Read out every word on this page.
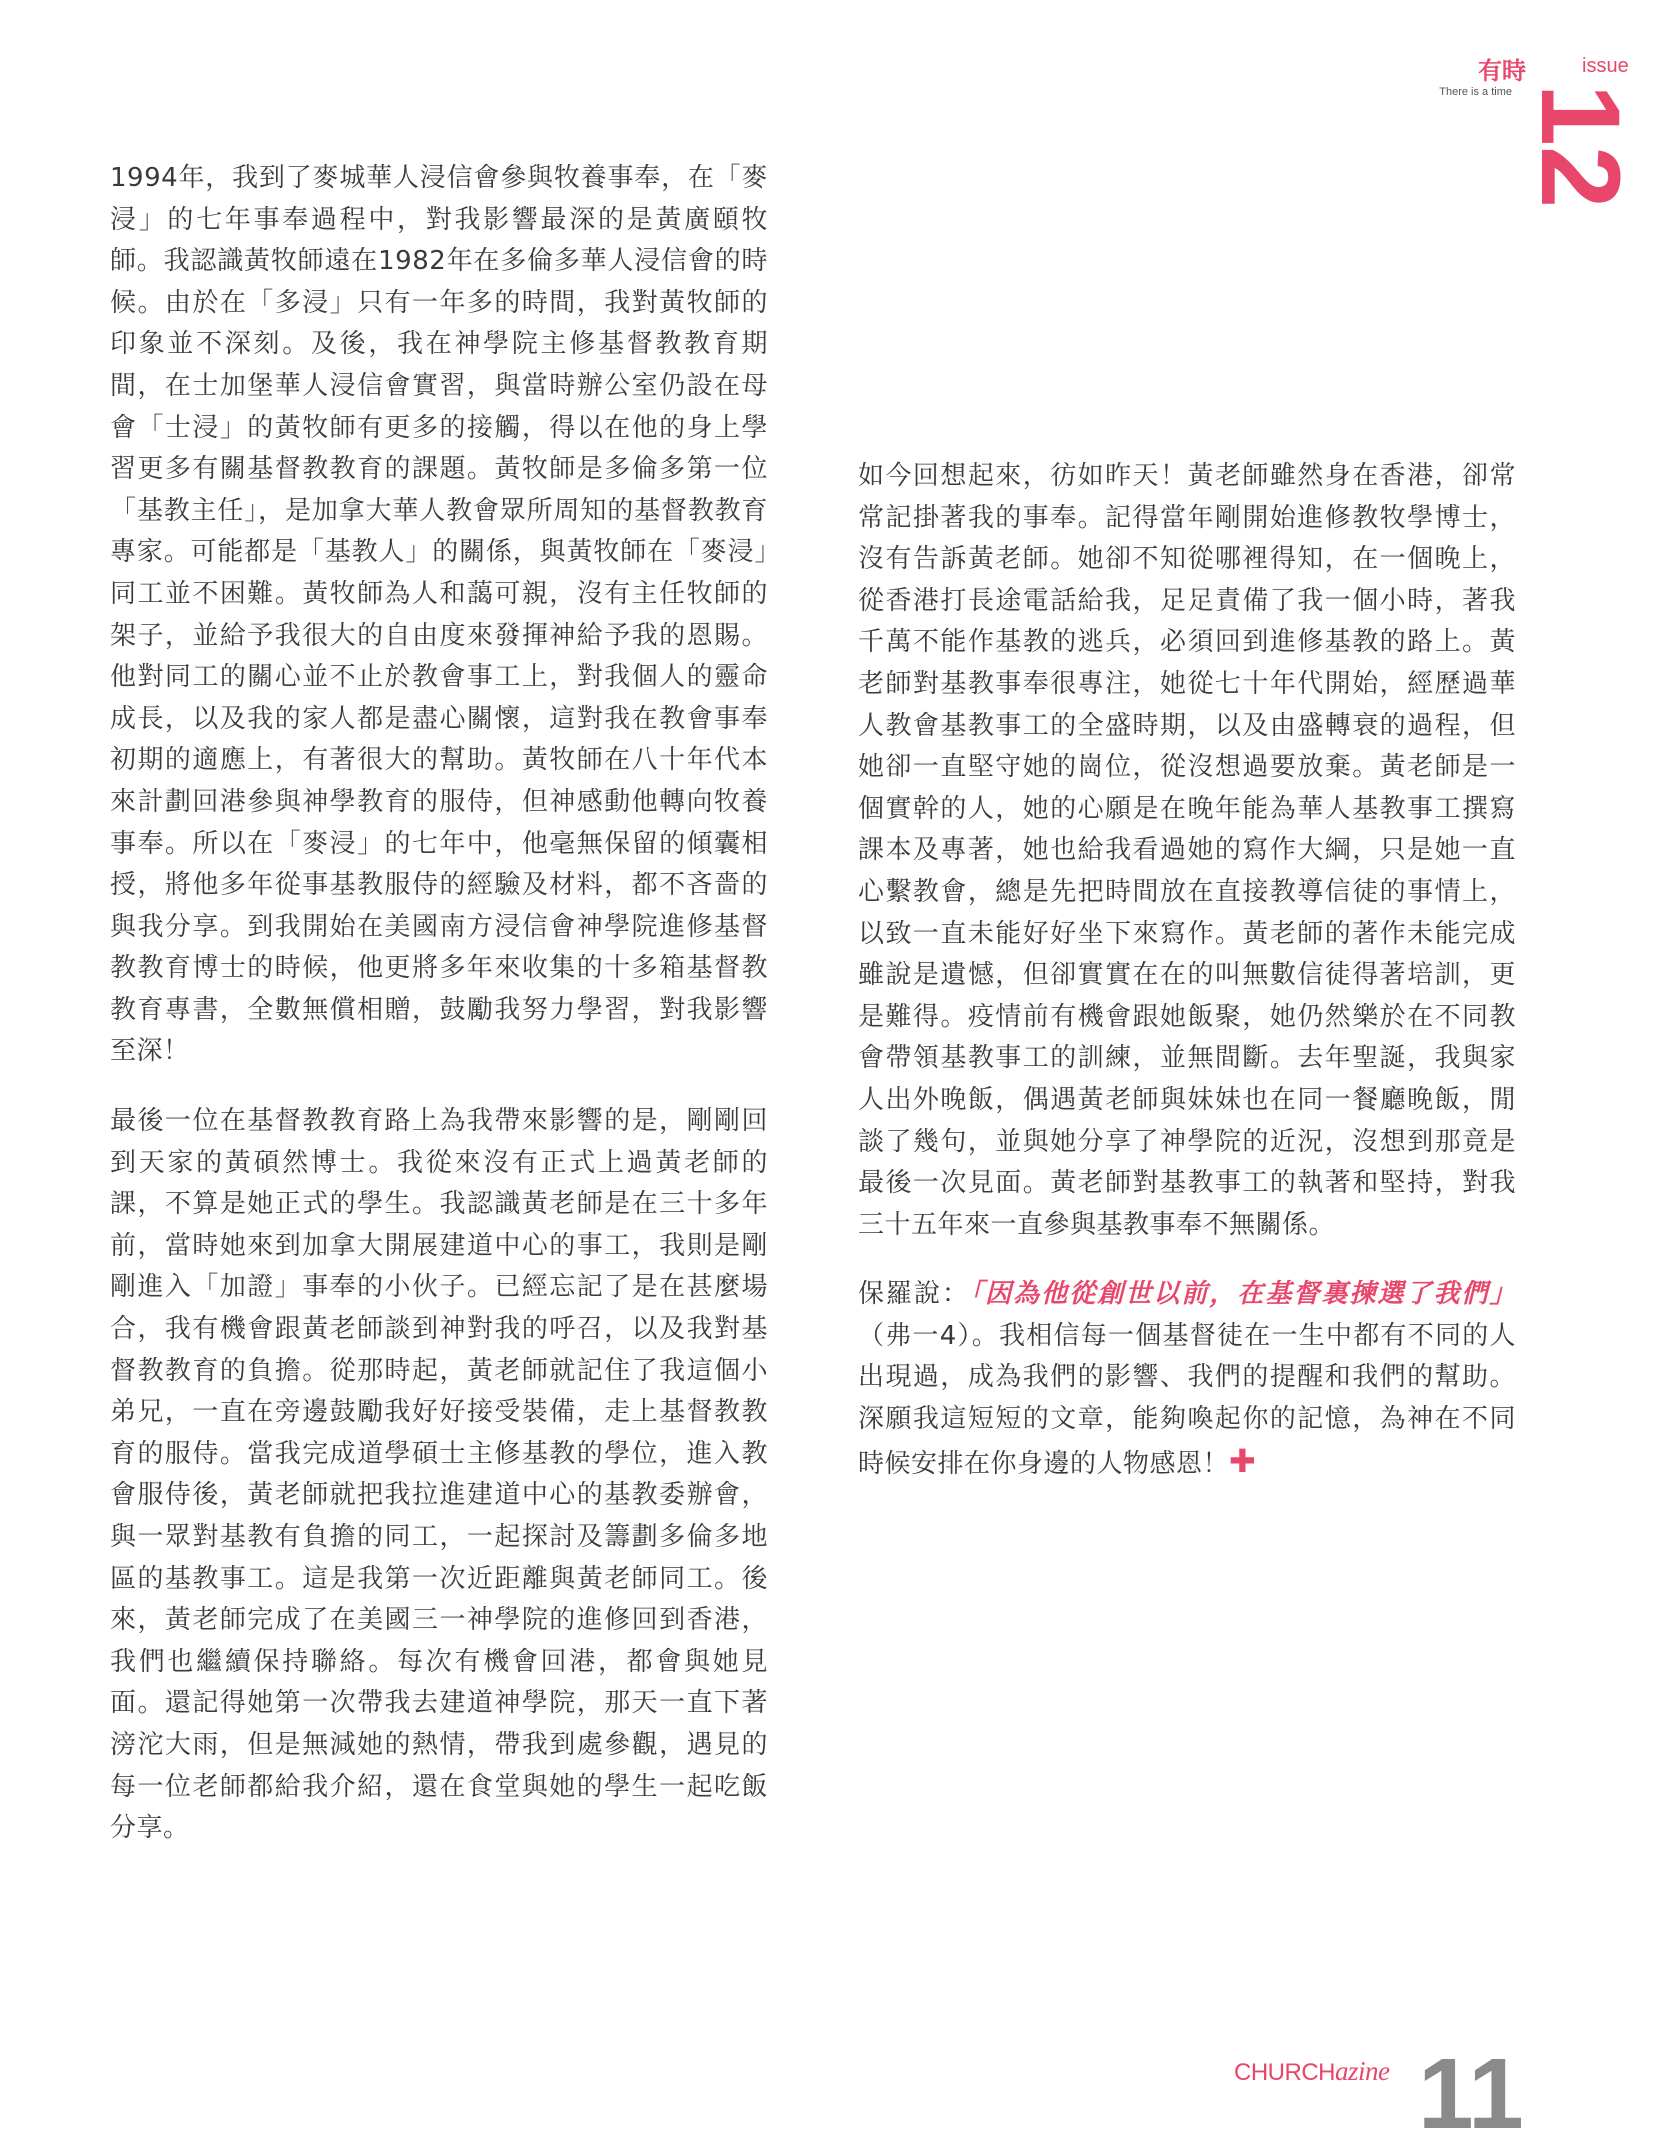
有時
There is a time
issue
12

1994年，我到了麥城華人浸信會參與牧養事奉，在「麥浸」的七年事奉過程中，對我影響最深的是黃廣頤牧師。我認識黃牧師遠在1982年在多倫多華人浸信會的時候。由於在「多浸」只有一年多的時間，我對黃牧師的印象並不深刻。及後，我在神學院主修基督教教育期間，在士加堡華人浸信會實習，與當時辦公室仍設在母會「士浸」的黃牧師有更多的接觸，得以在他的身上學習更多有關基督教教育的課題。黃牧師是多倫多第一位「基教主任」，是加拿大華人教會眾所周知的基督教教育專家。可能都是「基教人」的關係，與黃牧師在「麥浸」同工並不困難。黃牧師為人和藹可親，沒有主任牧師的架子，並給予我很大的自由度來發揮神給予我的恩賜。他對同工的關心並不止於教會事工上，對我個人的靈命成長，以及我的家人都是盡心關懷，這對我在教會事奉初期的適應上，有著很大的幫助。黃牧師在八十年代本來計劃回港參與神學教育的服侍，但神感動他轉向牧養事奉。所以在「麥浸」的七年中，他毫無保留的傾囊相授，將他多年從事基教服侍的經驗及材料，都不吝嗇的與我分享。到我開始在美國南方浸信會神學院進修基督教教育博士的時候，他更將多年來收集的十多箱基督教教育專書，全數無償相贈，鼓勵我努力學習，對我影響至深！

最後一位在基督教教育路上為我帶來影響的是，剛剛回到天家的黃碩然博士。我從來沒有正式上過黃老師的課，不算是她正式的學生。我認識黃老師是在三十多年前，當時她來到加拿大開展建道中心的事工，我則是剛剛進入「加證」事奉的小伙子。已經忘記了是在甚麼場合，我有機會跟黃老師談到神對我的呼召，以及我對基督教教育的負擔。從那時起，黃老師就記住了我這個小弟兄，一直在旁邊鼓勵我好好接受裝備，走上基督教教育的服侍。當我完成道學碩士主修基教的學位，進入教會服侍後，黃老師就把我拉進建道中心的基教委辦會，與一眾對基教有負擔的同工，一起探討及籌劃多倫多地區的基教事工。這是我第一次近距離與黃老師同工。後來，黃老師完成了在美國三一神學院的進修回到香港，我們也繼續保持聯絡。每次有機會回港，都會與她見面。還記得她第一次帶我去建道神學院，那天一直下著滂沱大雨，但是無減她的熱情，帶我到處參觀，遇見的每一位老師都給我介紹，還在食堂與她的學生一起吃飯分享。

如今回想起來，彷如昨天！黃老師雖然身在香港，卻常常記掛著我的事奉。記得當年剛開始進修教牧學博士，沒有告訴黃老師。她卻不知從哪裡得知，在一個晚上，從香港打長途電話給我，足足責備了我一個小時，著我千萬不能作基教的逃兵，必須回到進修基教的路上。黃老師對基教事奉很專注，她從七十年代開始，經歷過華人教會基教事工的全盛時期，以及由盛轉衰的過程，但她卻一直堅守她的崗位，從沒想過要放棄。黃老師是一個實幹的人，她的心願是在晚年能為華人基教事工撰寫課本及專著，她也給我看過她的寫作大綱，只是她一直心繫教會，總是先把時間放在直接教導信徒的事情上，以致一直未能好好坐下來寫作。黃老師的著作未能完成雖說是遺憾，但卻實實在在的叫無數信徒得著培訓，更是難得。疫情前有機會跟她飯聚，她仍然樂於在不同教會帶領基教事工的訓練，並無間斷。去年聖誕，我與家人出外晚飯，偶遇黃老師與妹妹也在同一餐廳晚飯，閒談了幾句，並與她分享了神學院的近況，沒想到那竟是最後一次見面。黃老師對基教事工的執著和堅持，對我三十五年來一直參與基教事奉不無關係。

保羅說：「因為他從創世以前，在基督裏揀選了我們」（弗一4）。我相信每一個基督徒在一生中都有不同的人出現過，成為我們的影響、我們的提醒和我們的幫助。深願我這短短的文章，能夠喚起你的記憶，為神在不同時候安排在你身邊的人物感恩！✚

CHURCHazine 11
